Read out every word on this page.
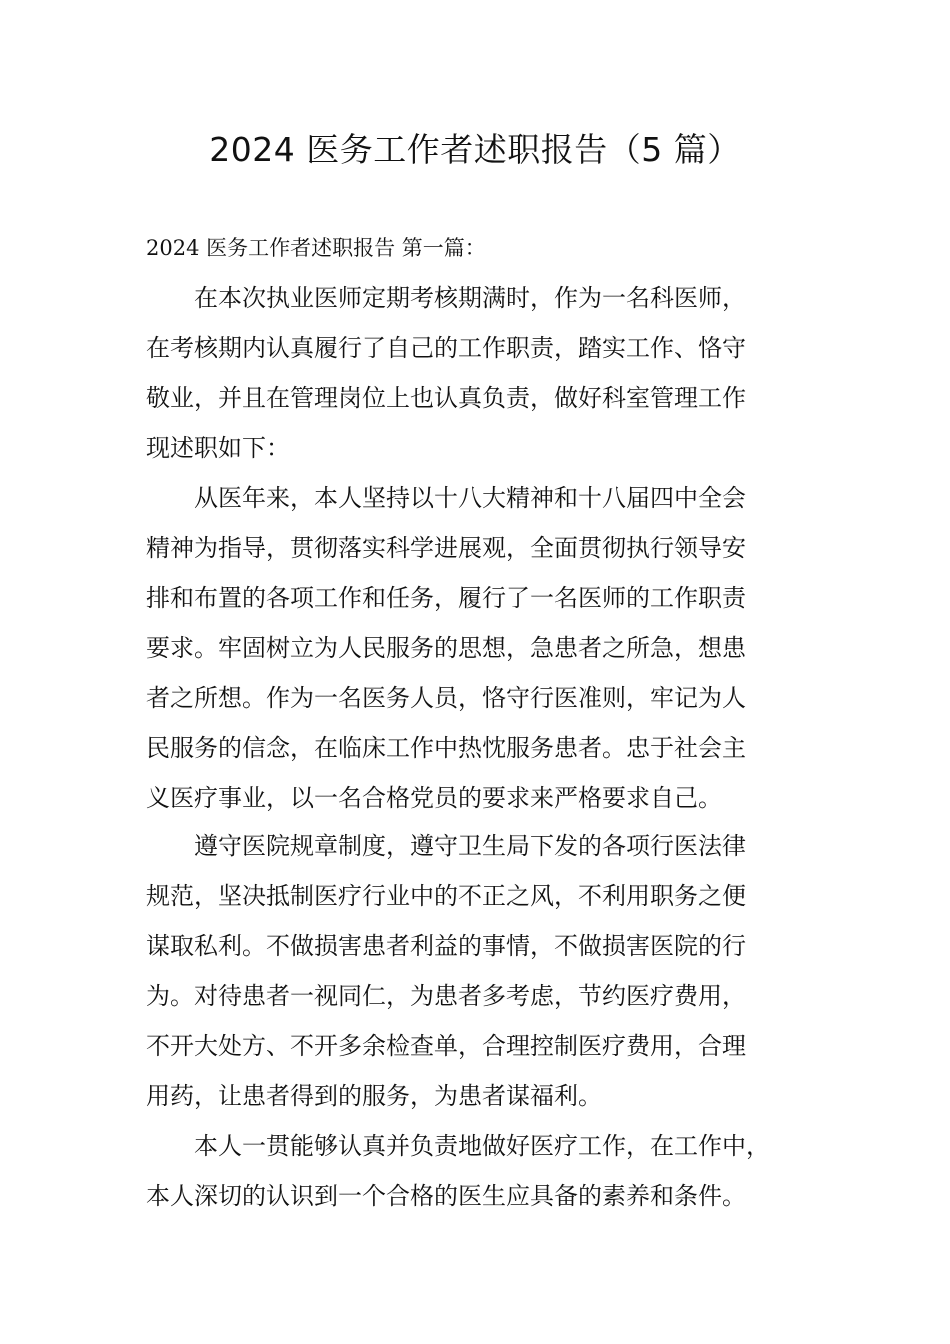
2024 医务工作者述职报告（5 篇）

2024 医务工作者述职报告 第一篇：

　　在本次执业医师定期考核期满时，作为一名科医师，

在考核期内认真履行了自己的工作职责，踏实工作、恪守

敬业，并且在管理岗位上也认真负责，做好科室管理工作

现述职如下：

　　从医年来，本人坚持以十八大精神和十八届四中全会

精神为指导，贯彻落实科学进展观，全面贯彻执行领导安

排和布置的各项工作和任务，履行了一名医师的工作职责

要求。牢固树立为人民服务的思想，急患者之所急，想患

者之所想。作为一名医务人员，恪守行医准则，牢记为人

民服务的信念，在临床工作中热忱服务患者。忠于社会主

义医疗事业，以一名合格党员的要求来严格要求自己。

　　遵守医院规章制度，遵守卫生局下发的各项行医法律

规范，坚决抵制医疗行业中的不正之风，不利用职务之便

谋取私利。不做损害患者利益的事情，不做损害医院的行

为。对待患者一视同仁，为患者多考虑，节约医疗费用，

不开大处方、不开多余检查单，合理控制医疗费用，合理

用药，让患者得到的服务，为患者谋福利。

　　本人一贯能够认真并负责地做好医疗工作，在工作中，

本人深切的认识到一个合格的医生应具备的素养和条件。
